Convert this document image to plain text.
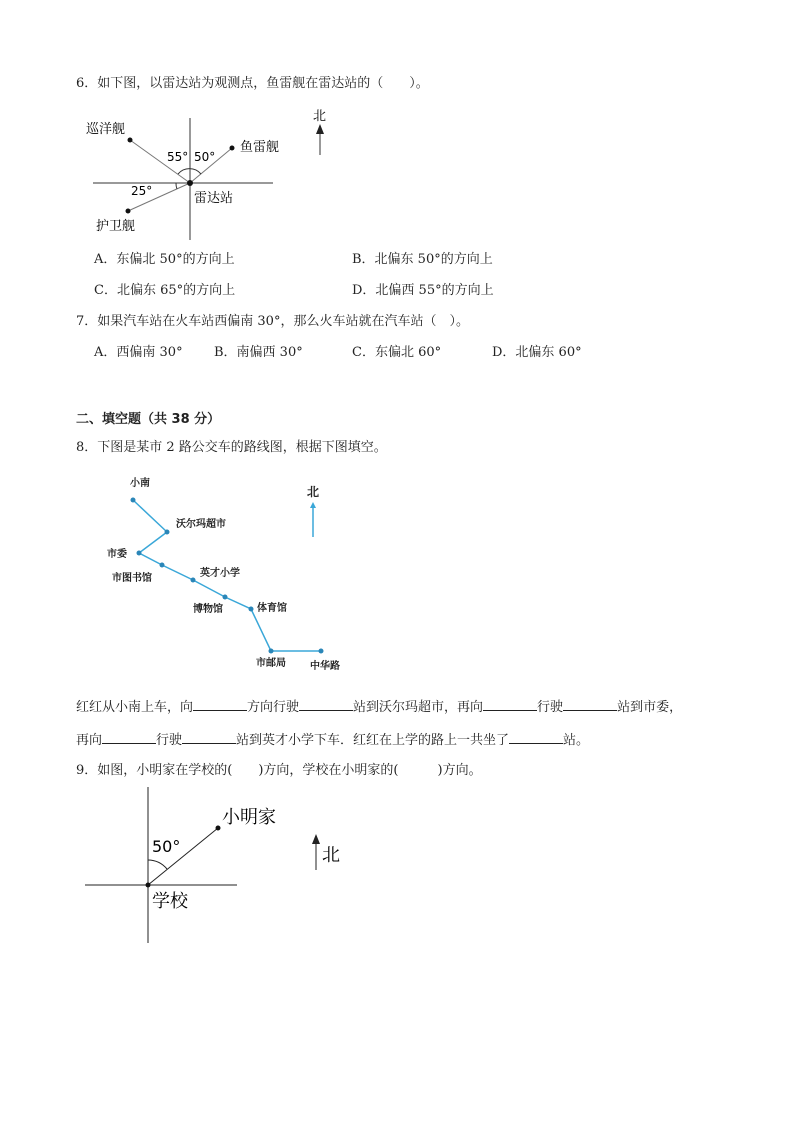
6．如下图，以雷达站为观测点，鱼雷舰在雷达站的（　　）。
巡洋舰
鱼雷舰
护卫舰
雷达站
55° 50°
25°
北
小南
沃尔玛超市
市委
市图书馆	英才小学
博物馆	体育馆
市邮局 中华路
北
小明家
学校
50°	北
A．东偏北 50°的方向上	B．北偏东 50°的方向上
C．北偏东 65°的方向上	D．北偏西 55°的方向上
7．如果汽车站在火车站西偏南 30°，那么火车站就在汽车站（　）。
A．西偏南 30° B．南偏西 30°	C．东偏北 60°	D．北偏东 60°
二、填空题（共 38 分）
8．下图是某市 2 路公交车的路线图，根据下图填空。
红红从小南上车，向	方向行驶	站到沃尔玛超市，再向	行驶	站到市委，
再向	行驶	站到英才小学下车．红红在上学的路上一共坐了	站。
9．如图，小明家在学校的(　　)方向，学校在小明家的(　　　)方向。
